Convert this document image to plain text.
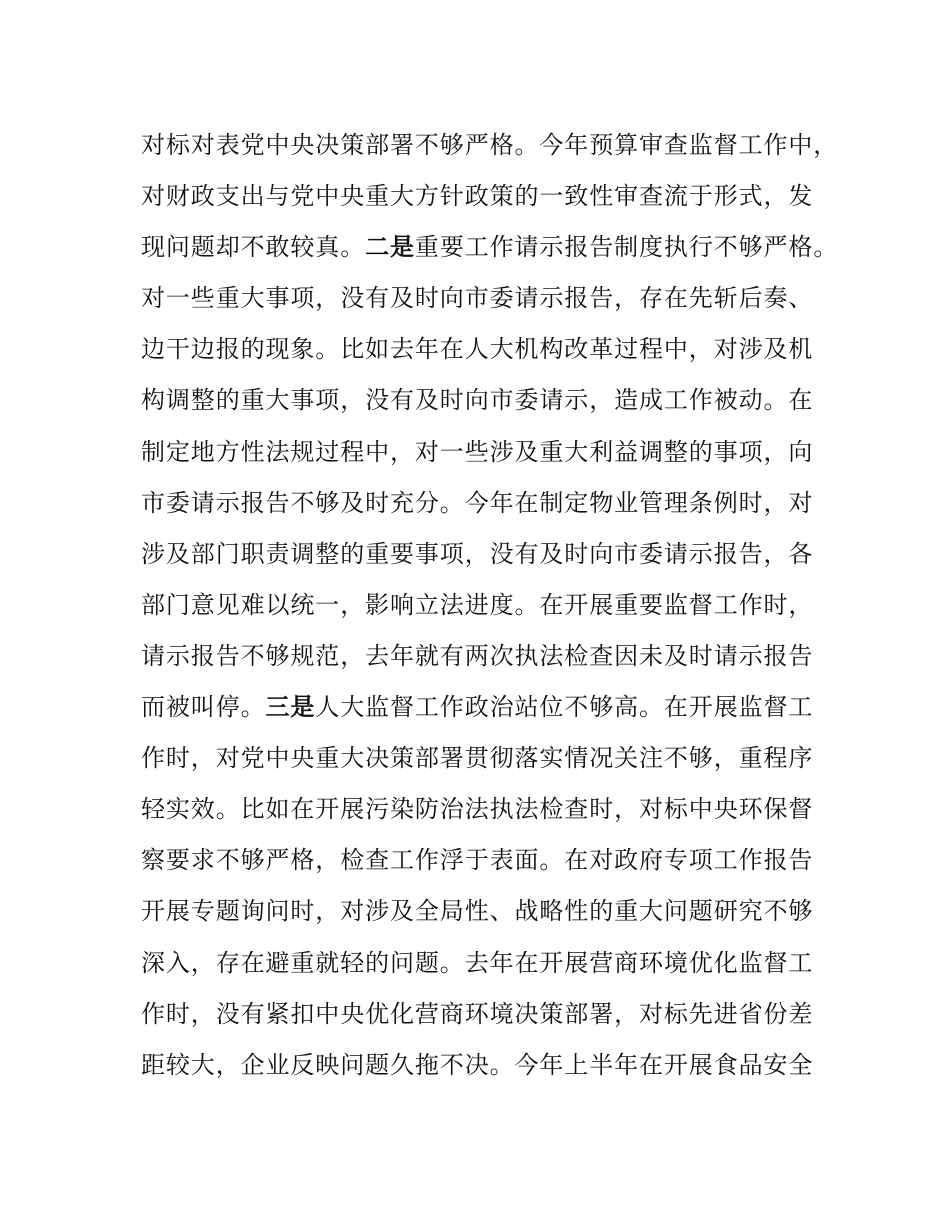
对标对表党中央决策部署不够严格。今年预算审查监督工作中，
对财政支出与党中央重大方针政策的一致性审查流于形式，发
现问题却不敢较真。二是重要工作请示报告制度执行不够严格。
对一些重大事项，没有及时向市委请示报告，存在先斩后奏、
边干边报的现象。比如去年在人大机构改革过程中，对涉及机
构调整的重大事项，没有及时向市委请示，造成工作被动。在
制定地方性法规过程中，对一些涉及重大利益调整的事项，向
市委请示报告不够及时充分。今年在制定物业管理条例时，对
涉及部门职责调整的重要事项，没有及时向市委请示报告，各
部门意见难以统一，影响立法进度。在开展重要监督工作时，
请示报告不够规范，去年就有两次执法检查因未及时请示报告
而被叫停。三是人大监督工作政治站位不够高。在开展监督工
作时，对党中央重大决策部署贯彻落实情况关注不够，重程序
轻实效。比如在开展污染防治法执法检查时，对标中央环保督
察要求不够严格，检查工作浮于表面。在对政府专项工作报告
开展专题询问时，对涉及全局性、战略性的重大问题研究不够
深入，存在避重就轻的问题。去年在开展营商环境优化监督工
作时，没有紧扣中央优化营商环境决策部署，对标先进省份差
距较大，企业反映问题久拖不决。今年上半年在开展食品安全
